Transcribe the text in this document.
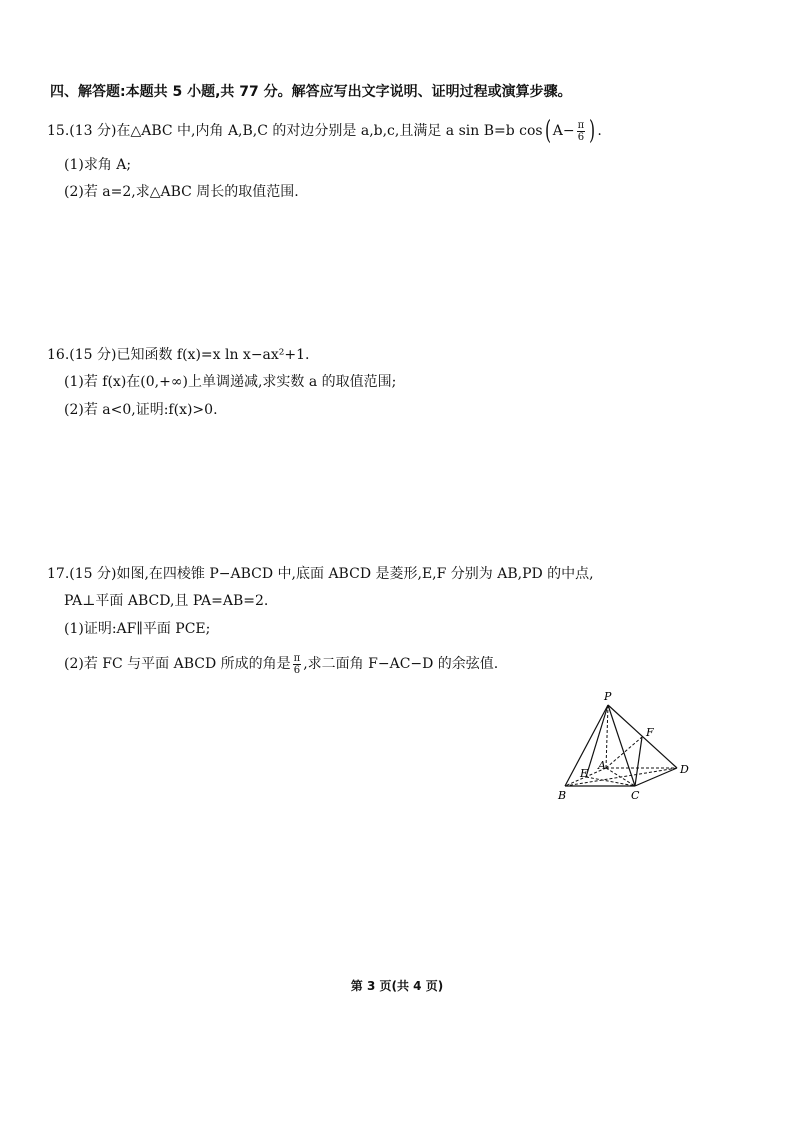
四、解答题:本题共 5 小题,共 77 分。解答应写出文字说明、证明过程或演算步骤。
15.(13 分)在△ABC 中,内角 A,B,C 的对边分别是 a,b,c,且满足 a sin B=b cos( $A- \frac{\pi}{6}$ ) .
(1)求角 A;
(2)若 a=2,求△ABC 周长的取值范围.
16.(15 分)已知函数 f(x)=x ln x−ax²+1.
(1)若 f(x)在(0,+∞)上单调递减,求实数 a 的取值范围;
(2)若 a<0,证明:f(x)>0.
17.(15 分)如图,在四棱锥 P−ABCD 中,底面 ABCD 是菱形,E,F 分别为 AB,PD 的中点,
PA⊥平面 ABCD,且 PA=AB=2.
(1)证明:AF∥平面 PCE;
(2)若 FC 与平面 ABCD 所成的角是 $\frac{\pi}{6}$ ,求二面角 F−AC−D 的余弦值.
P
F
E
A	D
B	C
第 3 页(共 4 页)
